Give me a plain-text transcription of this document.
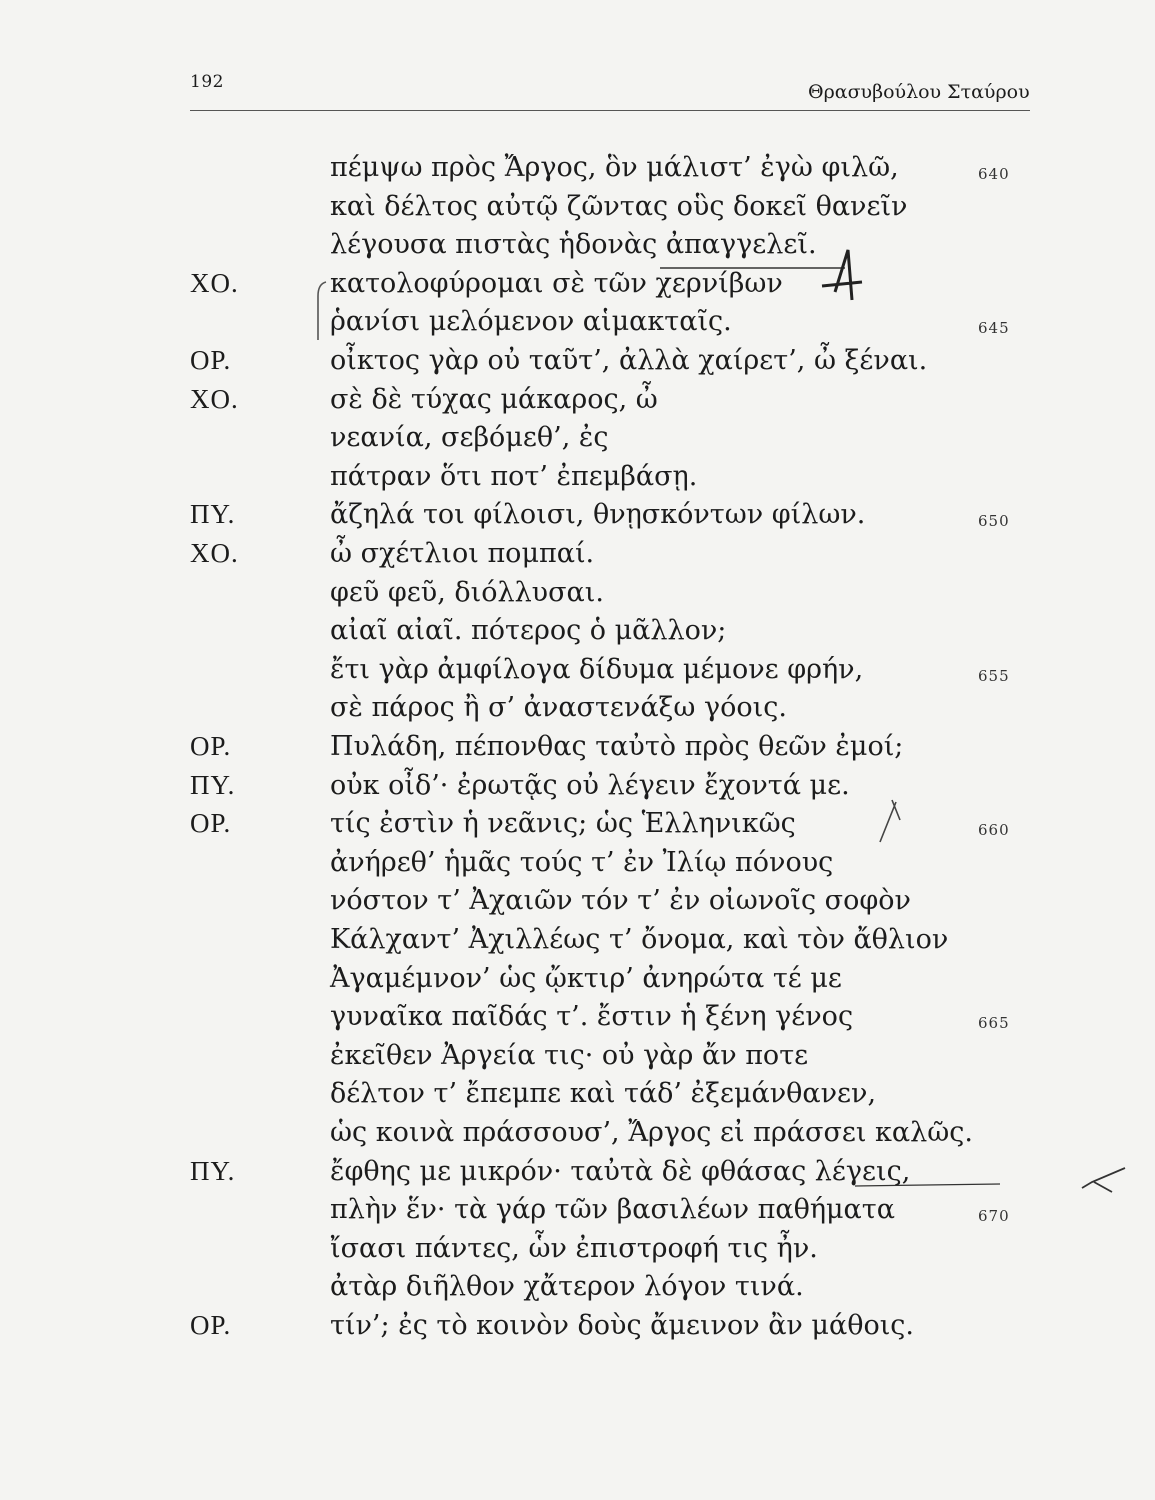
192	Θρασυβούλου Σταύρου
πέμψω πρὸς Ἄργος, ὃν μάλιστ’ ἐγὼ φιλῶ,	640
καὶ δέλτος αὐτῷ ζῶντας οὓς δοκεῖ θανεῖν
λέγουσα πιστὰς ἡδονὰς ἀπαγγελεῖ.
ΧΟ.	κατολοφύρομαι σὲ τῶν χερνίβων
ῥανίσι μελόμενον αἱμακταῖς.	645
ΟΡ.	οἶκτος γὰρ οὐ ταῦτ’, ἀλλὰ χαίρετ’, ὦ ξέναι.
ΧΟ.	σὲ δὲ τύχας μάκαρος, ὦ
νεανία, σεβόμεθ’, ἐς
πάτραν ὅτι ποτ’ ἐπεμβάσῃ.
ΠΥ.	ἄζηλά τοι φίλοισι, θνῃσκόντων φίλων.	650
ΧΟ.	ὦ σχέτλιοι πομπαί.
φεῦ φεῦ, διόλλυσαι.
αἰαῖ αἰαῖ. πότερος ὁ μᾶλλον;
ἔτι γὰρ ἀμφίλογα δίδυμα μέμονε φρήν,	655
σὲ πάρος ἢ σ’ ἀναστενάξω γόοις.
ΟΡ.	Πυλάδη, πέπονθας ταὐτὸ πρὸς θεῶν ἐμοί;
ΠΥ.	οὐκ οἶδ’· ἐρωτᾷς οὐ λέγειν ἔχοντά με.
ΟΡ.	τίς ἐστὶν ἡ νεᾶνις; ὡς Ἑλληνικῶς	660
ἀνήρεθ’ ἡμᾶς τούς τ’ ἐν Ἰλίῳ πόνους
νόστον τ’ Ἀχαιῶν τόν τ’ ἐν οἰωνοῖς σοφὸν
Κάλχαντ’ Ἀχιλλέως τ’ ὄνομα, καὶ τὸν ἄθλιον
Ἀγαμέμνον’ ὡς ᾤκτιρ’ ἀνηρώτα τέ με
γυναῖκα παῖδάς τ’. ἔστιν ἡ ξένη γένος	665
ἐκεῖθεν Ἀργεία τις· οὐ γὰρ ἄν ποτε
δέλτον τ’ ἔπεμπε καὶ τάδ’ ἐξεμάνθανεν,
ὡς κοινὰ πράσσουσ’, Ἄργος εἰ πράσσει καλῶς.
ΠΥ.	ἔφθης με μικρόν· ταὐτὰ δὲ φθάσας λέγεις,
πλὴν ἕν· τὰ γάρ τῶν βασιλέων παθήματα	670
ἴσασι πάντες, ὧν ἐπιστροφή τις ἦν.
ἀτὰρ διῆλθον χἄτερον λόγον τινά.
ΟΡ.	τίν’; ἐς τὸ κοινὸν δοὺς ἄμεινον ἂν μάθοις.
